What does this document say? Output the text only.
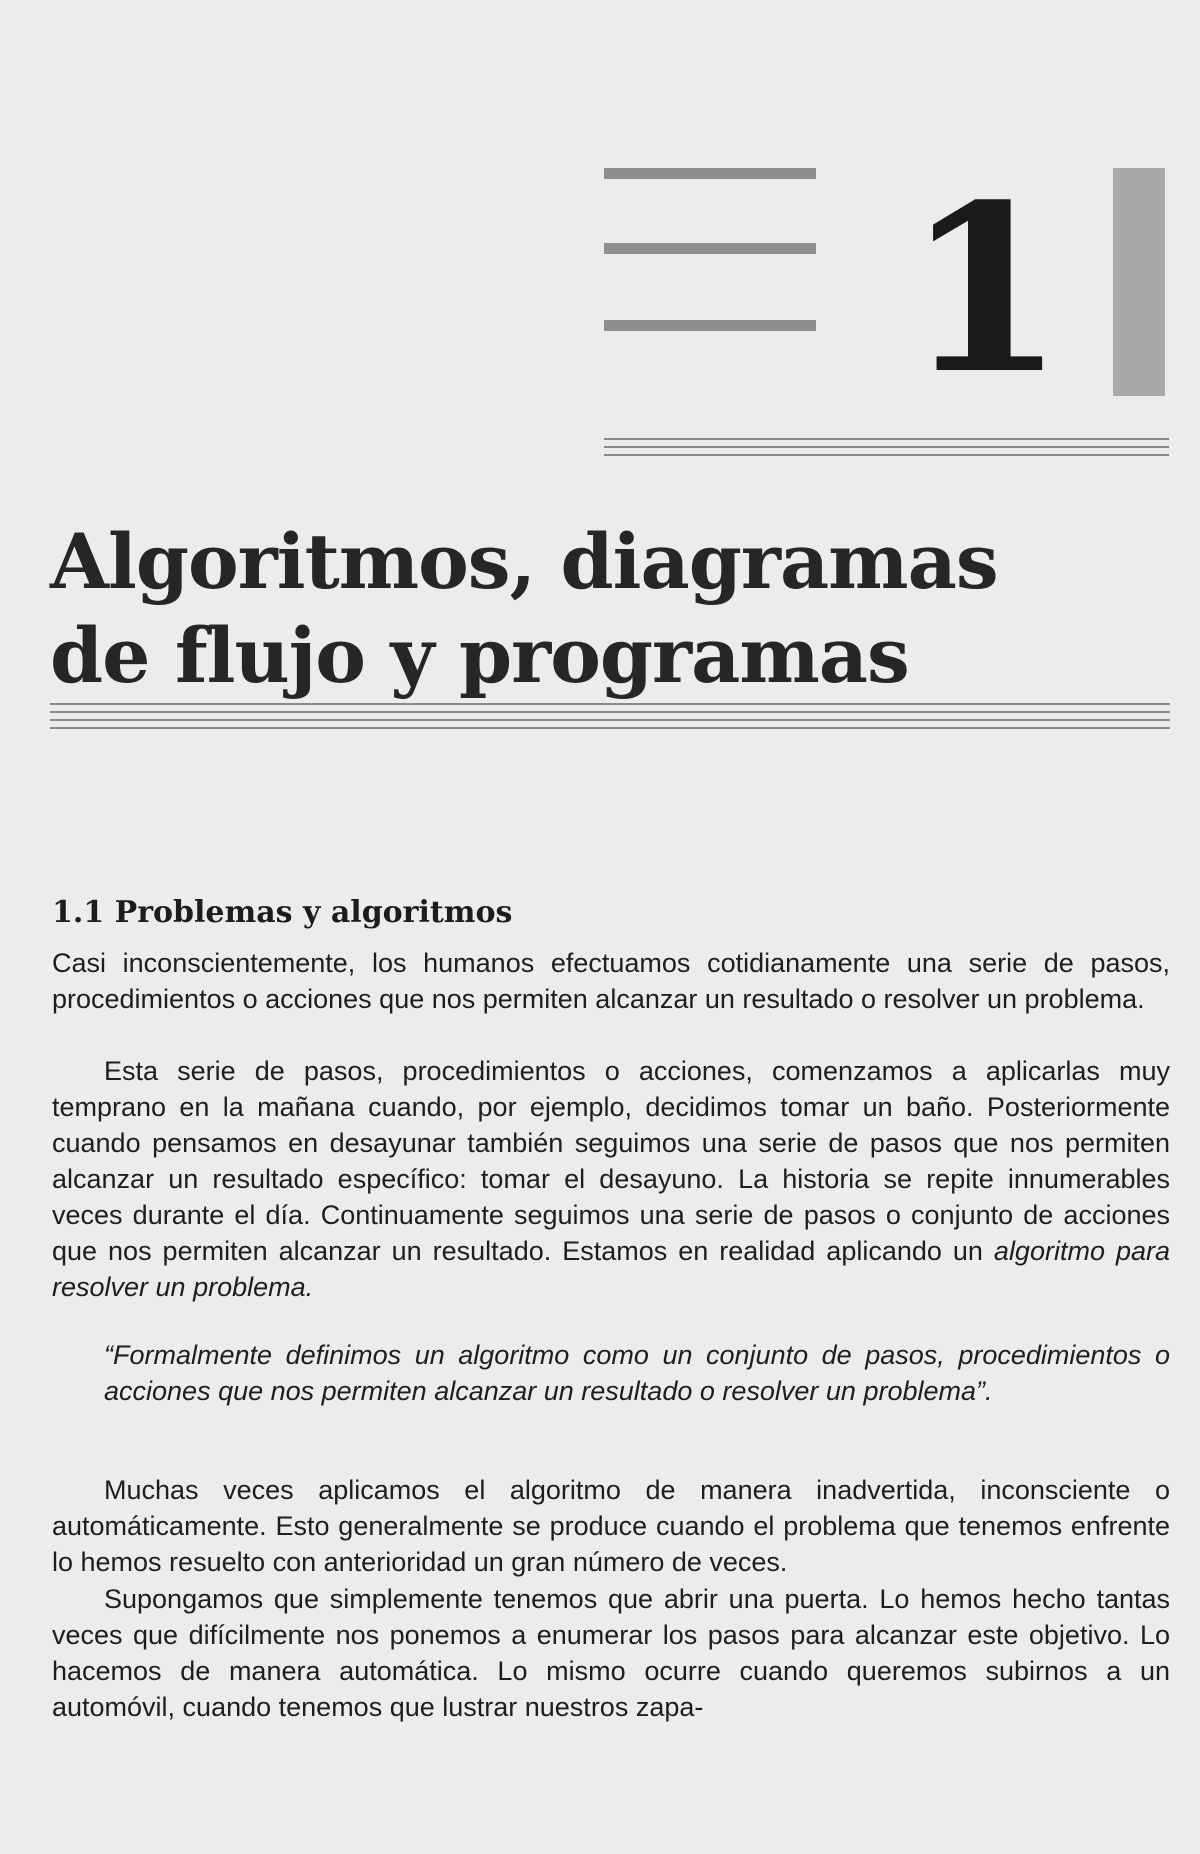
1
Algoritmos, diagramas de flujo y programas
1.1 Problemas y algoritmos

Casi inconscientemente, los humanos efectuamos cotidianamente una serie de pasos, procedimientos o acciones que nos permiten alcanzar un resultado o resolver un problema.

Esta serie de pasos, procedimientos o acciones, comenzamos a aplicarlas muy temprano en la mañana cuando, por ejemplo, decidimos tomar un baño. Posteriormente cuando pensamos en desayunar también seguimos una serie de pasos que nos permiten alcanzar un resultado específico: tomar el desayuno. La historia se repite innumerables veces durante el día. Continuamente seguimos una serie de pasos o conjunto de acciones que nos permiten alcanzar un resultado. Estamos en realidad aplicando un algoritmo para resolver un problema.

“Formalmente definimos un algoritmo como un conjunto de pasos, procedimientos o acciones que nos permiten alcanzar un resultado o resolver un problema”.

Muchas veces aplicamos el algoritmo de manera inadvertida, inconsciente o automáticamente. Esto generalmente se produce cuando el problema que tenemos enfrente lo hemos resuelto con anterioridad un gran número de veces.

Supongamos que simplemente tenemos que abrir una puerta. Lo hemos hecho tantas veces que difícilmente nos ponemos a enumerar los pasos para alcanzar este objetivo. Lo hacemos de manera automática. Lo mismo ocurre cuando queremos subirnos a un automóvil, cuando tenemos que lustrar nuestros zapa-
